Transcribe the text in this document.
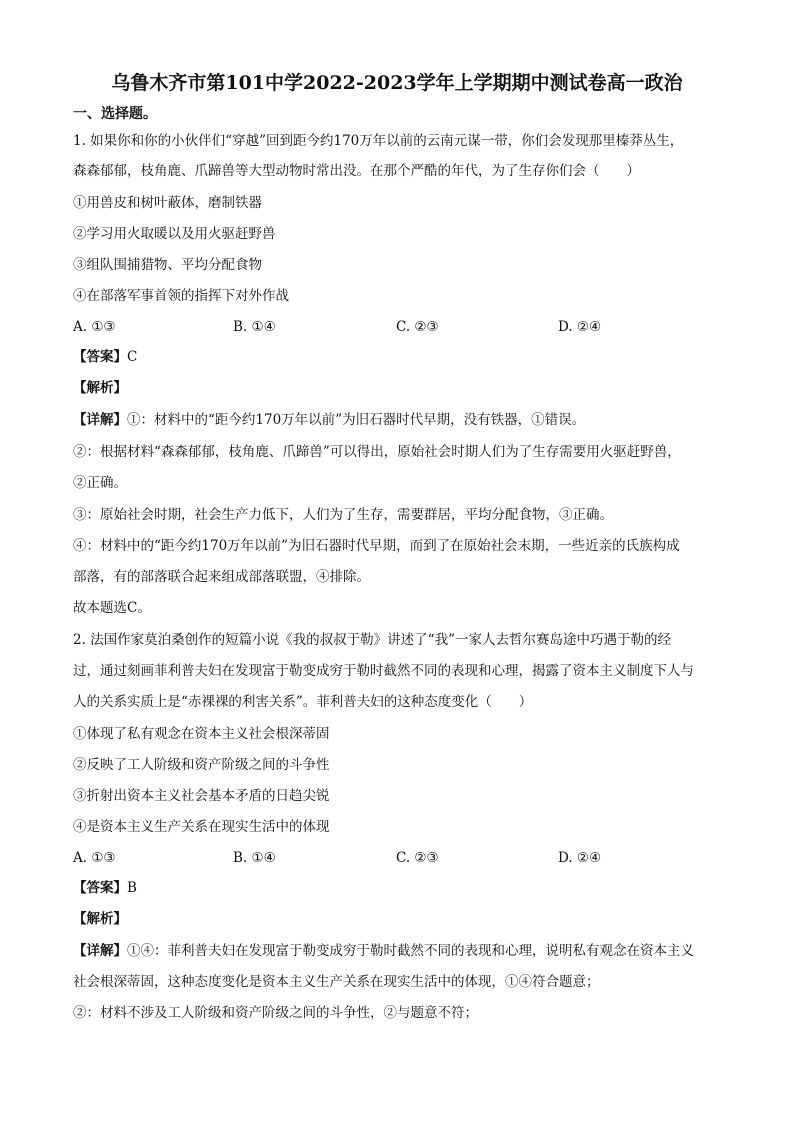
乌鲁木齐市第101中学2022-2023学年上学期期中测试卷高一政治
一、选择题。
1. 如果你和你的小伙伴们“穿越”回到距今约170万年以前的云南元谋一带，你们会发现那里榛莽丛生，
森森郁郁，枝角鹿、爪蹄兽等大型动物时常出没。在那个严酷的年代，为了生存你们会（　　）
①用兽皮和树叶蔽体，磨制铁器
②学习用火取暖以及用火驱赶野兽
③组队围捕猎物、平均分配食物
④在部落军事首领的指挥下对外作战
A. ①③	B. ①④	C. ②③	D. ②④
【答案】C
【解析】
【详解】①：材料中的“距今约170万年以前”为旧石器时代早期，没有铁器，①错误。
②：根据材料“森森郁郁，枝角鹿、爪蹄兽”可以得出，原始社会时期人们为了生存需要用火驱赶野兽，
②正确。
③：原始社会时期，社会生产力低下，人们为了生存，需要群居，平均分配食物，③正确。
④：材料中的“距今约170万年以前”为旧石器时代早期，而到了在原始社会末期，一些近亲的氏族构成
部落，有的部落联合起来组成部落联盟，④排除。
故本题选C。
2. 法国作家莫泊桑创作的短篇小说《我的叔叔于勒》讲述了“我”一家人去哲尔赛岛途中巧遇于勒的经
过，通过刻画菲利普夫妇在发现富于勒变成穷于勒时截然不同的表现和心理，揭露了资本主义制度下人与
人的关系实质上是“赤裸裸的利害关系”。菲利普夫妇的这种态度变化（　　）
①体现了私有观念在资本主义社会根深蒂固
②反映了工人阶级和资产阶级之间的斗争性
③折射出资本主义社会基本矛盾的日趋尖锐
④是资本主义生产关系在现实生活中的体现
A. ①③	B. ①④	C. ②③	D. ②④
【答案】B
【解析】
【详解】①④：菲利普夫妇在发现富于勒变成穷于勒时截然不同的表现和心理，说明私有观念在资本主义
社会根深蒂固，这种态度变化是资本主义生产关系在现实生活中的体现，①④符合题意；
②：材料不涉及工人阶级和资产阶级之间的斗争性，②与题意不符；
